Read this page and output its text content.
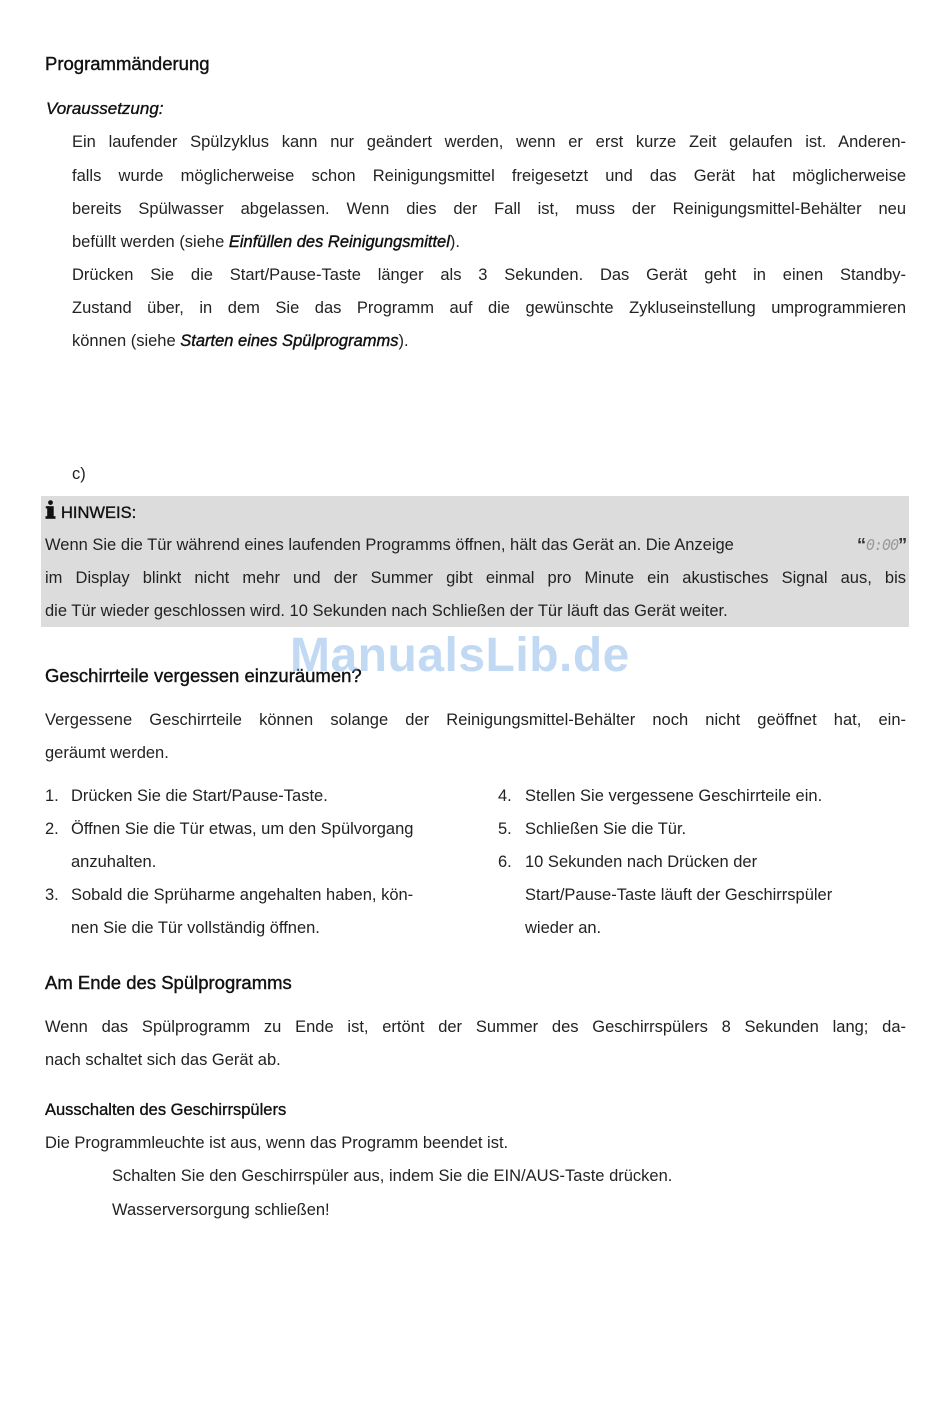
Programmänderung
Voraussetzung:
Ein laufender Spülzyklus kann nur geändert werden, wenn er erst kurze Zeit gelaufen ist. Anderen-
falls wurde möglicherweise schon Reinigungsmittel freigesetzt und das Gerät hat möglicherweise
bereits Spülwasser abgelassen. Wenn dies der Fall ist, muss der Reinigungsmittel-Behälter neu
befüllt werden (siehe Einfüllen des Reinigungsmittel).
Drücken Sie die Start/Pause-Taste länger als 3 Sekunden. Das Gerät geht in einen Standby-
Zustand über, in dem Sie das Programm auf die gewünschte Zykluseinstellung umprogrammieren
können (siehe Starten eines Spülprogramms).
c)
HINWEIS:
Wenn Sie die Tür während eines laufenden Programms öffnen, hält das Gerät an. Die Anzeige	“0:00”
im Display blinkt nicht mehr und der Summer gibt einmal pro Minute ein akustisches Signal aus, bis
die Tür wieder geschlossen wird. 10 Sekunden nach Schließen der Tür läuft das Gerät weiter.
Geschirrteile vergessen einzuräumen?
ManualsLib.de
Vergessene Geschirrteile können solange der Reinigungsmittel-Behälter noch nicht geöffnet hat, ein-
geräumt werden.
1. Drücken Sie die Start/Pause-Taste.
2. Öffnen Sie die Tür etwas, um den Spülvorgang
anzuhalten.
3. Sobald die Sprüharme angehalten haben, kön-
nen Sie die Tür vollständig öffnen.
4. Stellen Sie vergessene Geschirrteile ein.
5. Schließen Sie die Tür.
6. 10 Sekunden nach Drücken der
Start/Pause-Taste läuft der Geschirrspüler
wieder an.
Am Ende des Spülprogramms
Wenn das Spülprogramm zu Ende ist, ertönt der Summer des Geschirrspülers 8 Sekunden lang; da-
nach schaltet sich das Gerät ab.
Ausschalten des Geschirrspülers
Die Programmleuchte ist aus, wenn das Programm beendet ist.
Schalten Sie den Geschirrspüler aus, indem Sie die EIN/AUS-Taste drücken.
Wasserversorgung schließen!
